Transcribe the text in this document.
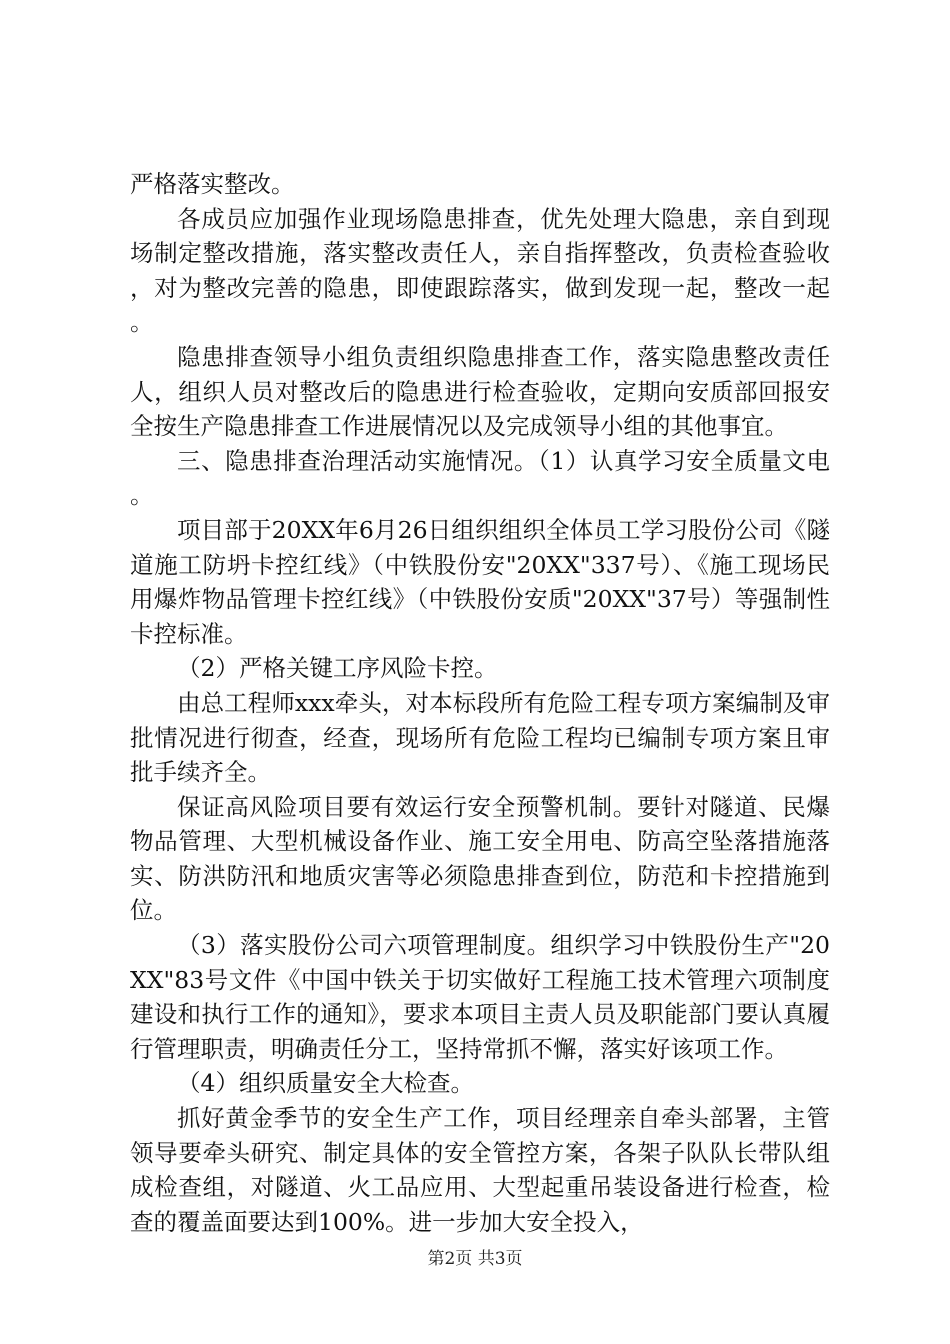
严格落实整改。

各成员应加强作业现场隐患排查，优先处理大隐患，亲自到现场制定整改措施，落实整改责任人，亲自指挥整改，负责检查验收，对为整改完善的隐患，即使跟踪落实，做到发现一起，整改一起。

隐患排查领导小组负责组织隐患排查工作，落实隐患整改责任人，组织人员对整改后的隐患进行检查验收，定期向安质部回报安全按生产隐患排查工作进展情况以及完成领导小组的其他事宜。

三、隐患排查治理活动实施情况。（1）认真学习安全质量文电。

项目部于20XX年6月26日组织组织全体员工学习股份公司《隧道施工防坍卡控红线》（中铁股份安"20XX"337号）、《施工现场民用爆炸物品管理卡控红线》（中铁股份安质"20XX"37号）等强制性卡控标准。

（2）严格关键工序风险卡控。

由总工程师xxx牵头，对本标段所有危险工程专项方案编制及审批情况进行彻查，经查，现场所有危险工程均已编制专项方案且审批手续齐全。

保证高风险项目要有效运行安全预警机制。要针对隧道、民爆物品管理、大型机械设备作业、施工安全用电、防高空坠落措施落实、防洪防汛和地质灾害等必须隐患排查到位，防范和卡控措施到位。

（3）落实股份公司六项管理制度。组织学习中铁股份生产"20XX"83号文件《中国中铁关于切实做好工程施工技术管理六项制度建设和执行工作的通知》，要求本项目主责人员及职能部门要认真履行管理职责，明确责任分工，坚持常抓不懈，落实好该项工作。

（4）组织质量安全大检查。

抓好黄金季节的安全生产工作，项目经理亲自牵头部署，主管领导要牵头研究、制定具体的安全管控方案，各架子队队长带队组成检查组，对隧道、火工品应用、大型起重吊装设备进行检查，检查的覆盖面要达到100%。进一步加大安全投入，

第2页 共3页
